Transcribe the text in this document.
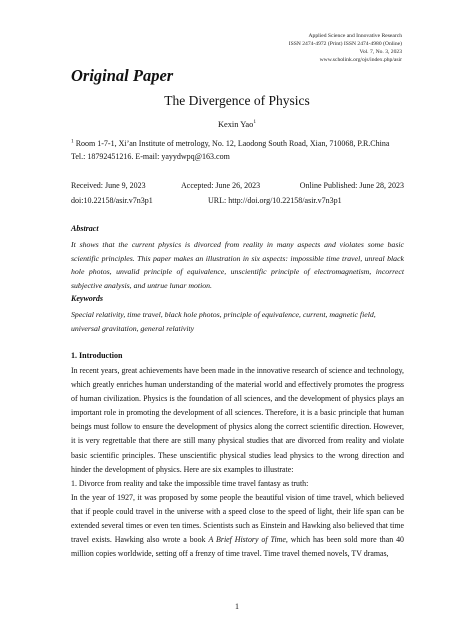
Applied Science and Innovative Research
ISSN 2474-4972 (Print) ISSN 2474-4980 (Online)
Vol. 7, No. 3, 2023
www.scholink.org/ojs/index.php/asir
Original Paper
The Divergence of Physics
Kexin Yao$^1$
$^1$ Room 1-7-1, Xi’an Institute of metrology, No. 12, Laodong South Road, Xian, 710068, P.R.China
Tel.: 18792451216. E-mail: yayydwpq@163.com
Received: June 9, 2023	Accepted: June 26, 2023	Online Published: June 28, 2023
doi:10.22158/asir.v7n3p1	URL: http://doi.org/10.22158/asir.v7n3p1
Abstract

It shows that the current physics is divorced from reality in many aspects and violates some basic scientific principles. This paper makes an illustration in six aspects: impossible time travel, unreal black hole photos, unvalid principle of equivalence, unscientific principle of electromagnetism, incorrect subjective analysis, and untrue lunar motion.

Keywords

Special relativity, time travel, black hole photos, principle of equivalence, current, magnetic field, universal gravitation, general relativity

1. Introduction

In recent years, great achievements have been made in the innovative research of science and technology, which greatly enriches human understanding of the material world and effectively promotes the progress of human civilization. Physics is the foundation of all sciences, and the development of physics plays an important role in promoting the development of all sciences. Therefore, it is a basic principle that human beings must follow to ensure the development of physics along the correct scientific direction. However, it is very regrettable that there are still many physical studies that are divorced from reality and violate basic scientific principles. These unscientific physical studies lead physics to the wrong direction and hinder the development of physics. Here are six examples to illustrate:

1. Divorce from reality and take the impossible time travel fantasy as truth:

In the year of 1927, it was proposed by some people the beautiful vision of time travel, which believed that if people could travel in the universe with a speed close to the speed of light, their life span can be extended several times or even ten times. Scientists such as Einstein and Hawking also believed that time travel exists. Hawking also wrote a book A Brief History of Time, which has been sold more than 40 million copies worldwide, setting off a frenzy of time travel. Time travel themed novels, TV dramas,

1
